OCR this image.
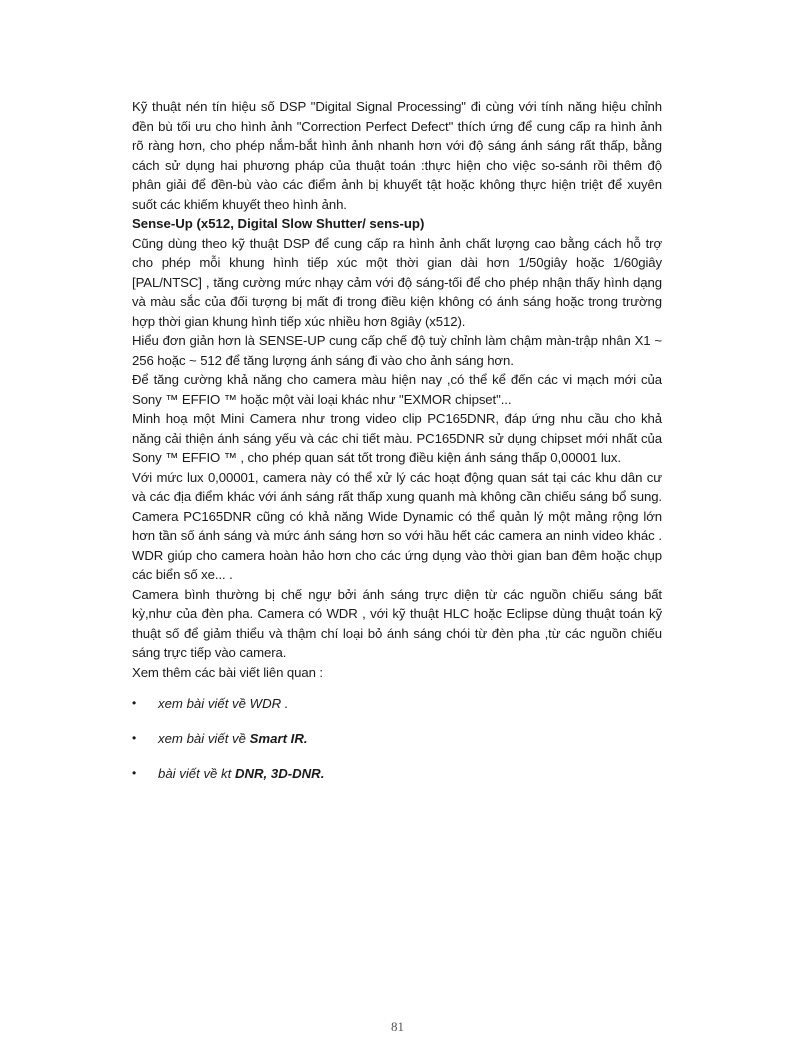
Kỹ thuật nén tín hiệu số DSP "Digital Signal Processing" đi cùng với tính năng hiệu chỉnh đền bù tối ưu cho hình ảnh "Correction Perfect Defect" thích ứng để cung cấp ra hình ảnh rõ ràng hơn, cho phép nắm-bắt hình ảnh nhanh hơn với độ sáng ánh sáng rất thấp, bằng cách sử dụng hai phương pháp của thuật toán :thực hiện cho việc so-sánh rồi thêm độ phân giải để đền-bù vào các điểm ảnh bị khuyết tật hoặc không thực hiện triệt để xuyên suốt các khiếm khuyết theo hình ảnh.

Sense-Up (x512, Digital Slow Shutter/ sens-up)

Cũng dùng theo kỹ thuật DSP để cung cấp ra hình ảnh chất lượng cao bằng cách hỗ trợ cho phép mỗi khung hình tiếp xúc một thời gian dài hơn 1/50giây hoặc 1/60giây [PAL/NTSC] , tăng cường mức nhạy cảm với độ sáng-tối để cho phép nhận thấy hình dạng và màu sắc của đối tượng bị mất đi trong điều kiện không có ánh sáng hoặc trong trường hợp thời gian khung hình tiếp xúc nhiều hơn 8giây (x512).

Hiểu đơn giản hơn là SENSE-UP cung cấp chế độ tuỳ chỉnh làm chậm màn-trập nhân X1 ~ 256 hoặc ~ 512 để tăng lượng ánh sáng đi vào cho ảnh sáng hơn.

Để tăng cường khả năng cho camera màu hiện nay ,có thể kể đến các vi mạch mới của Sony ™ EFFIO ™ hoặc một vài loại khác như "EXMOR chipset"...

Minh hoạ một Mini Camera như trong video clip PC165DNR, đáp ứng nhu cầu cho khả năng cải thiện ánh sáng yếu và các chi tiết màu. PC165DNR sử dụng chipset mới nhất của Sony ™ EFFIO ™ , cho phép quan sát tốt trong điều kiện ánh sáng thấp 0,00001 lux.

Với mức lux 0,00001, camera này có thể xử lý các hoạt động quan sát tại các khu dân cư và các địa điểm khác với ánh sáng rất thấp xung quanh mà không cần chiếu sáng bổ sung. Camera PC165DNR cũng có khả năng Wide Dynamic có thể quản lý một mảng rộng lớn hơn tần số ánh sáng và mức ánh sáng hơn so với hầu hết các camera an ninh video khác . WDR giúp cho camera hoàn hảo hơn cho các ứng dụng vào thời gian ban đêm hoặc chụp các biển số xe... .

Camera bình thường bị chế ngự bởi ánh sáng trực diện từ các nguồn chiếu sáng bất kỳ,như của đèn pha. Camera có WDR , với kỹ thuật HLC hoặc Eclipse dùng thuật toán kỹ thuật số để giảm thiểu và thậm chí loại bỏ ánh sáng chói từ đèn pha ,từ các nguồn chiếu sáng trực tiếp vào camera.

Xem thêm các bài viết liên quan :

• xem bài viết về WDR .
• xem bài viết về Smart IR.
• bài viết về kt DNR, 3D-DNR.
81
